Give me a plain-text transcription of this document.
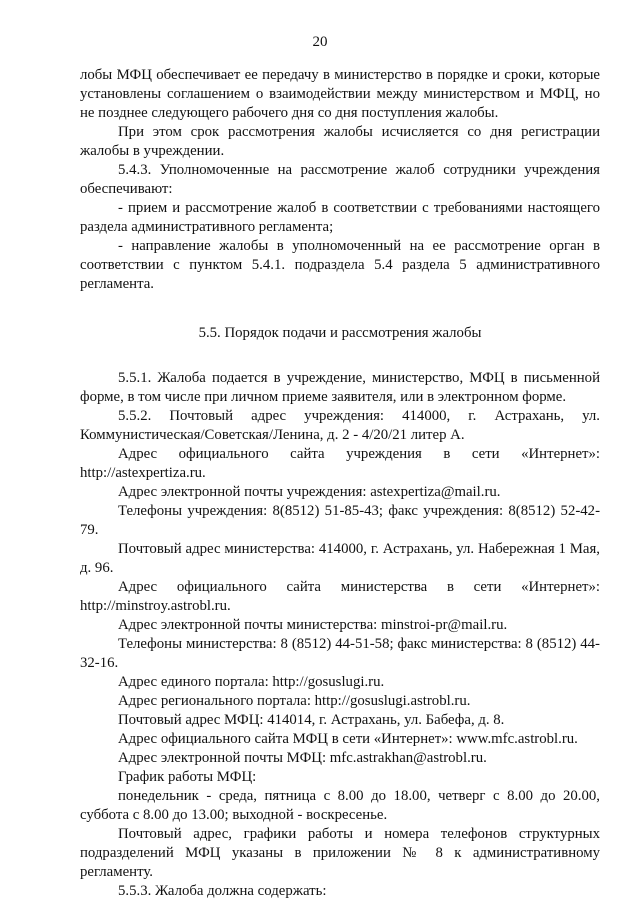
20

лобы МФЦ обеспечивает ее передачу в министерство в порядке и сроки, которые установлены соглашением о взаимодействии между министерством и МФЦ, но не позднее следующего рабочего дня со дня поступления жалобы.

При этом срок рассмотрения жалобы исчисляется со дня регистрации жалобы в учреждении.

5.4.3. Уполномоченные на рассмотрение жалоб сотрудники учреждения обеспечивают:

- прием и рассмотрение жалоб в соответствии с требованиями настоящего раздела административного регламента;

- направление жалобы в уполномоченный на ее рассмотрение орган в соответствии с пунктом 5.4.1. подраздела 5.4 раздела 5 административного регламента.

5.5. Порядок подачи и рассмотрения жалобы

5.5.1. Жалоба подается в учреждение, министерство, МФЦ в письменной форме, в том числе при личном приеме заявителя, или в электронном форме.

5.5.2. Почтовый адрес учреждения: 414000, г. Астрахань, ул. Коммунистическая/Советская/Ленина, д. 2 - 4/20/21 литер А.

Адрес официального сайта учреждения в сети «Интернет»: http://astexpertiza.ru.

Адрес электронной почты учреждения: astexpertiza@mail.ru.

Телефоны учреждения: 8(8512) 51-85-43; факс учреждения: 8(8512) 52-42-79.

Почтовый адрес министерства: 414000, г. Астрахань, ул. Набережная 1 Мая, д. 96.

Адрес официального сайта министерства в сети «Интернет»: http://minstroy.astrobl.ru.

Адрес электронной почты министерства: minstroi-pr@mail.ru.

Телефоны министерства: 8 (8512) 44-51-58; факс министерства: 8 (8512) 44-32-16.

Адрес единого портала: http://gosuslugi.ru.

Адрес регионального портала: http://gosuslugi.astrobl.ru.

Почтовый адрес МФЦ: 414014, г. Астрахань, ул. Бабефа, д. 8.

Адрес официального сайта МФЦ в сети «Интернет»: www.mfc.astrobl.ru.

Адрес электронной почты МФЦ: mfc.astrakhan@astrobl.ru.

График работы МФЦ:

понедельник - среда, пятница с 8.00 до 18.00, четверг с 8.00 до 20.00, суббота с 8.00 до 13.00; выходной - воскресенье.

Почтовый адрес, графики работы и номера телефонов структурных подразделений МФЦ указаны в приложении № 8 к административному регламенту.

5.5.3. Жалоба должна содержать:
